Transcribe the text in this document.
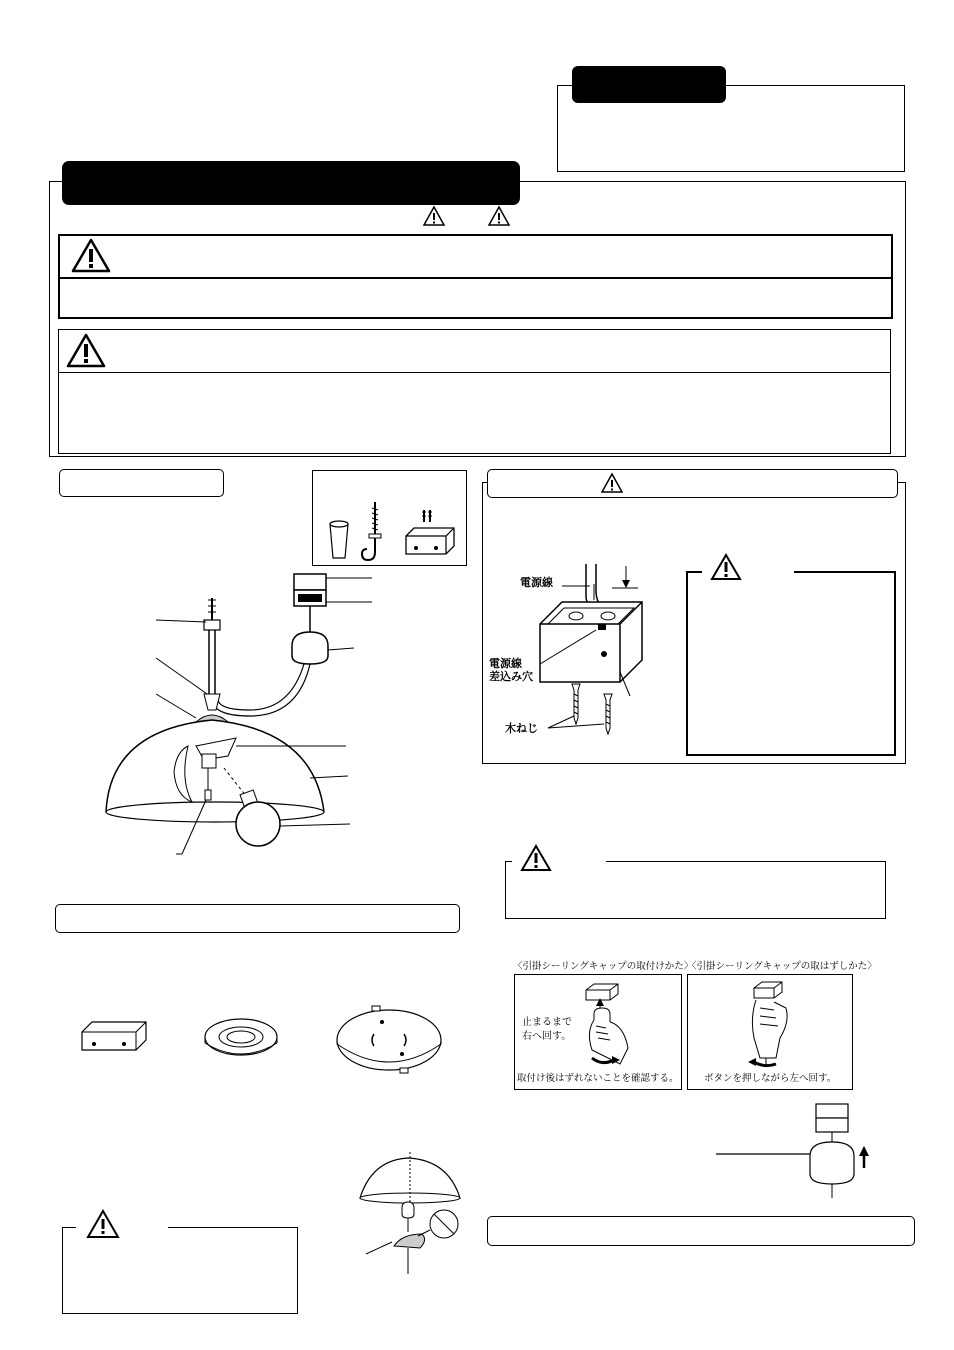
電源線
電源線
差込み穴
木ねじ
〈引掛シーリングキャップの取付けかた〉
〈引掛シーリングキャップの取はずしかた〉
止まるまで
右へ回す。
取付け後はずれないことを確認する。	ボタンを押しながら左へ回す。
